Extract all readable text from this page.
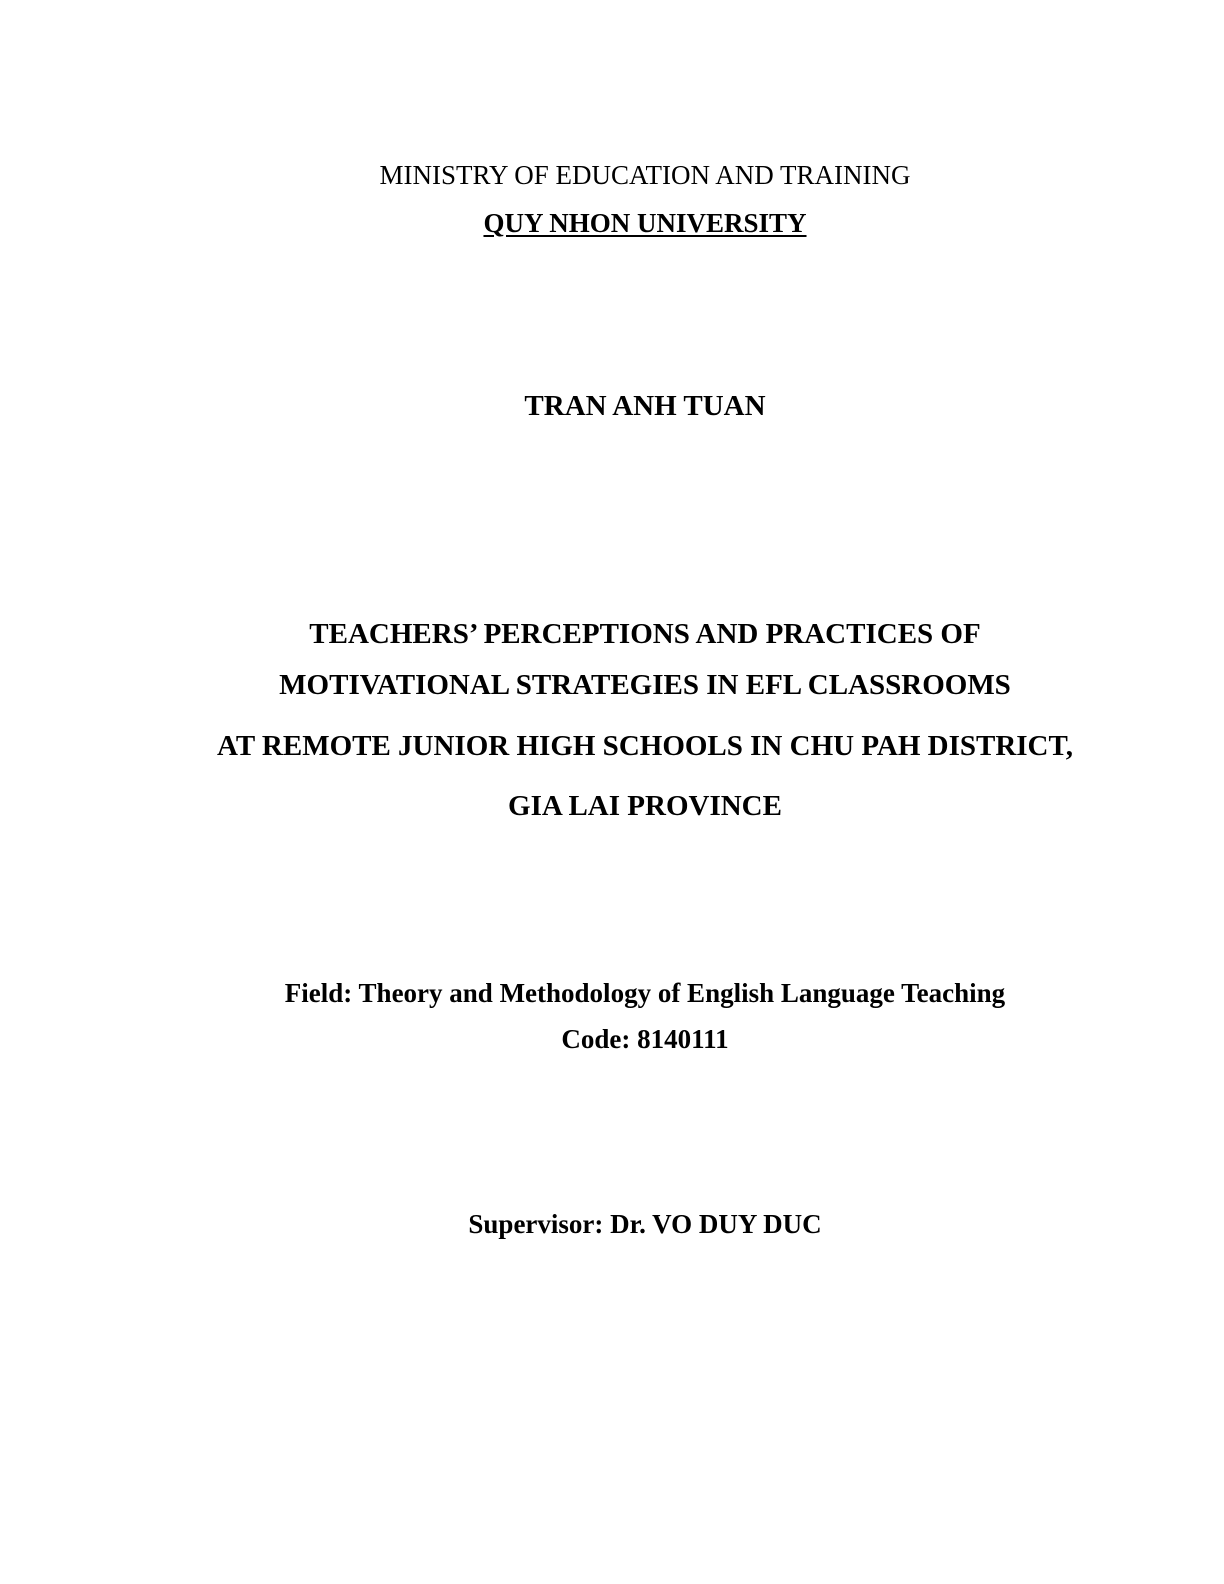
MINISTRY OF EDUCATION AND TRAINING
QUY NHON UNIVERSITY
TRAN ANH TUAN
TEACHERS’ PERCEPTIONS AND PRACTICES OF
MOTIVATIONAL STRATEGIES IN EFL CLASSROOMS
AT REMOTE JUNIOR HIGH SCHOOLS IN CHU PAH DISTRICT,
GIA LAI PROVINCE
Field: Theory and Methodology of English Language Teaching
Code: 8140111
Supervisor: Dr. VO DUY DUC
